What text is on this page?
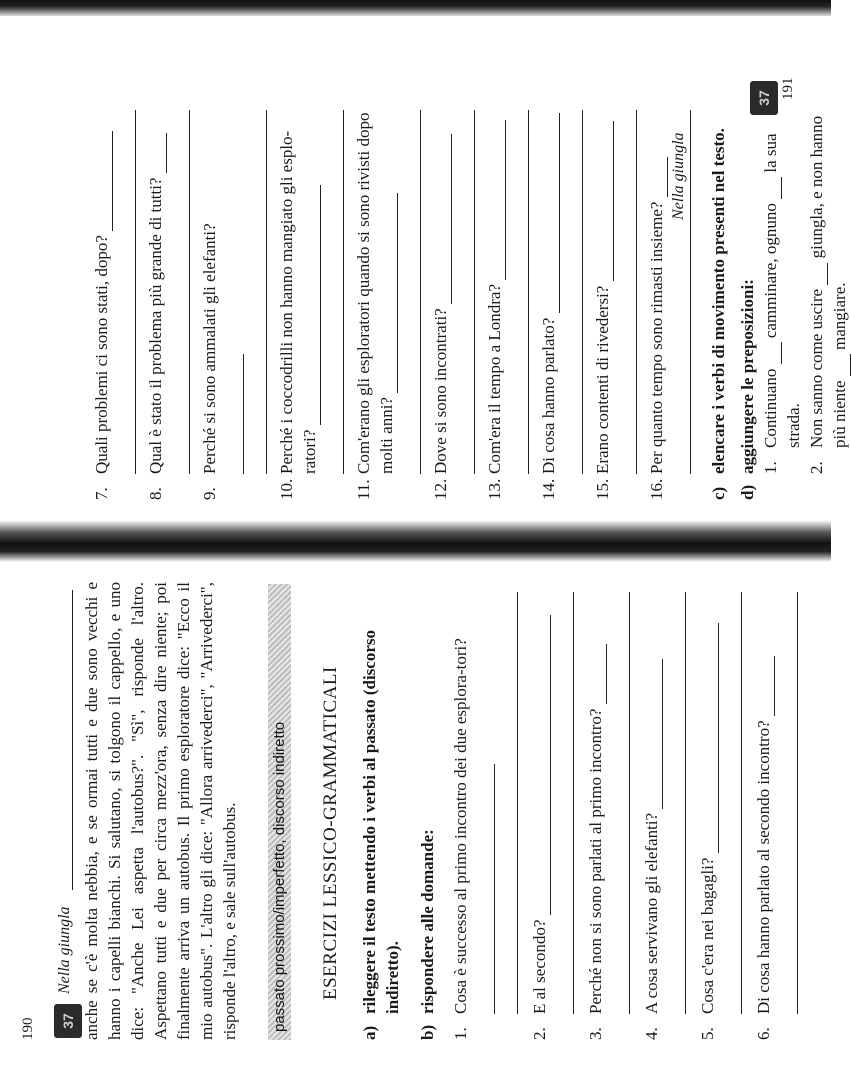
190	37
Nella giungla anche se c'è molta nebbia, e se ormai tutti e due sono vecchi e hanno i capelli bianchi. Si salutano, si tolgono il cappello, e uno dice: "Anche Lei aspetta l'autobus?". "Sì", risponde l'altro. Aspettano tutti e due per circa mezz'ora, senza dire niente; poi finalmente arriva un autobus. Il primo esploratore dice: "Ecco il mio autobus". L'altro gli dice: "Allora arrivederci", "Arrivederci", risponde l'altro, e sale sull'autobus. passato prossimo/imperfetto, discorso indiretto ESERCIZI LESSICO-GRAMMATICALI
a)
rileggere il testo mettendo i verbi al passato (discorso indiretto).
b)
rispondere alle domande:
1.
Cosa è successo al primo incontro dei due esplora-tori?
2.
E al secondo?
3.
Perché non si sono parlati al primo incontro?
4.
A cosa servivano gli elefanti?
5.
Cosa c'era nei bagagli?
6.
Di cosa hanno parlato al secondo incontro?
191
Nella giungla
37
7.
Quali problemi ci sono stati, dopo?
8.
Qual è stato il problema più grande di tutti?
9.
Perché si sono ammalati gli elefanti?
10.
Perché i coccodrilli non hanno mangiato gli esplo-ratori?
11.
Com'erano gli esploratori quando si sono rivisti dopo molti anni?
12.
Dove si sono incontrati?
13.
Com'era il tempo a Londra?
14.
Di cosa hanno parlato?
15.
Erano contenti di rivedersi?
16.
Per quanto tempo sono rimasti insieme?
c)
elencare i verbi di movimento presenti nel testo.
d)
aggiungere le preposizioni: 1.
Continuano  camminare, ognuno  la sua strada.
2.
Non sanno come uscire  giungla, e non hanno più niente  mangiare.
